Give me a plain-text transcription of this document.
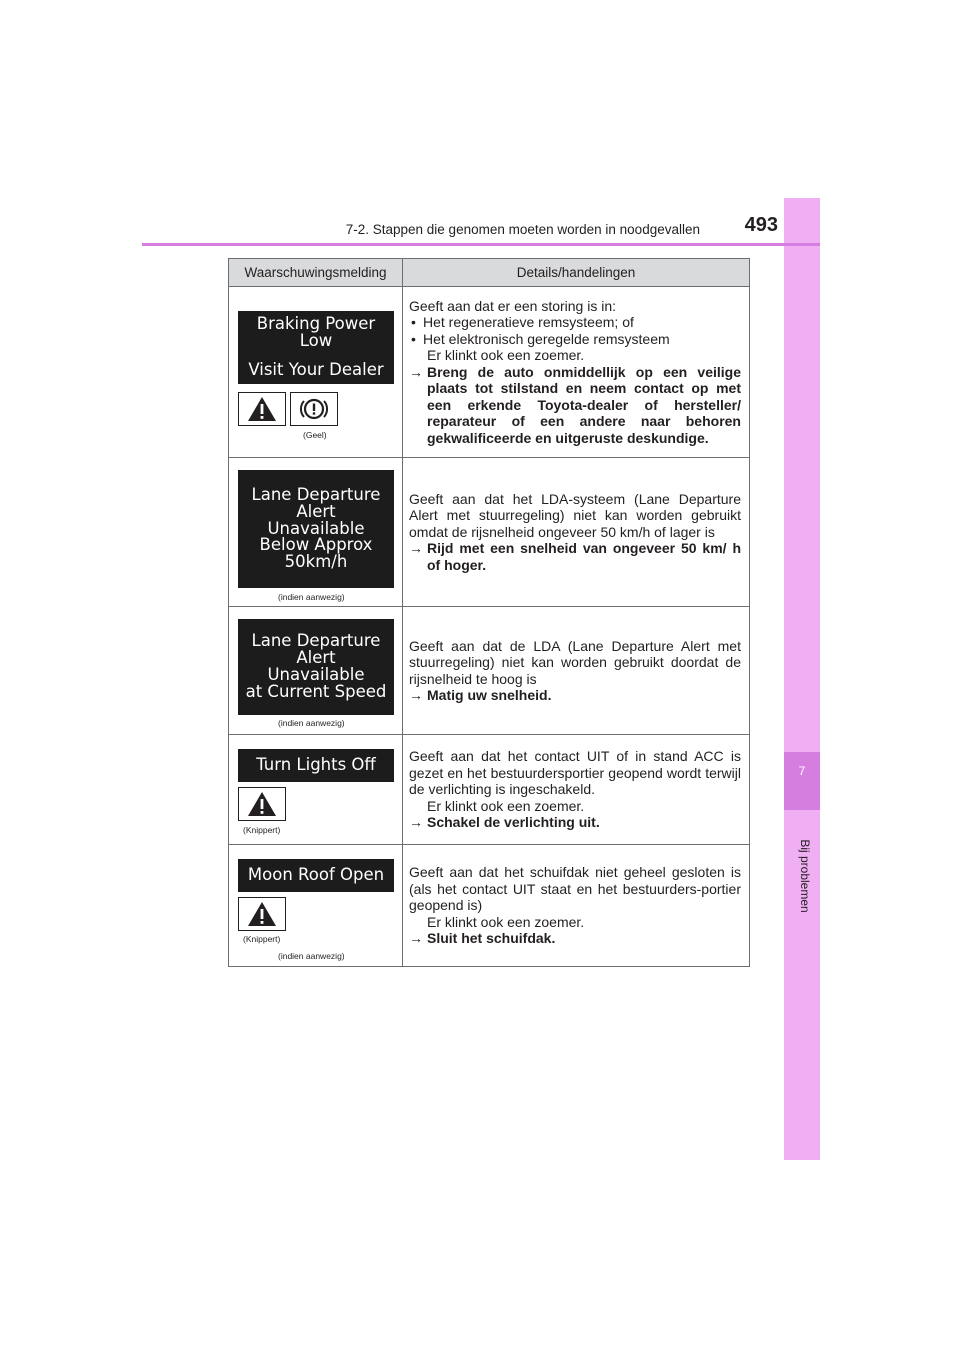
7
Bij problemen
7-2. Stappen die genomen moeten worden in noodgevallen	493
Waarschuwingsmelding	Details/handelingen
Braking Power Low
Visit Your Dealer
(Geel)

Geeft aan dat er een storing is in:

• Het regeneratieve remsysteem; of

• Het elektronisch geregelde remsysteem

Er klinkt ook een zoemer.

→ Breng de auto onmiddellijk op een veilige plaats tot stilstand en neem contact op met een erkende Toyota-dealer of hersteller/ reparateur of een andere naar behoren gekwalificeerde en uitgeruste deskundige.
Lane Departure
Alert
Unavailable
Below Approx
50km/h
(indien aanwezig)

Geeft aan dat het LDA-systeem (Lane Departure Alert met stuurregeling) niet kan worden gebruikt omdat de rijsnelheid ongeveer 50 km/h of lager is

→ Rijd met een snelheid van ongeveer 50 km/ h of hoger.
Lane Departure
Alert
Unavailable
at Current Speed
(indien aanwezig)

Geeft aan dat de LDA (Lane Departure Alert met stuurregeling) niet kan worden gebruikt doordat de rijsnelheid te hoog is

→ Matig uw snelheid.
Turn Lights Off
(Knippert)

Geeft aan dat het contact UIT of in stand ACC is gezet en het bestuurdersportier geopend wordt terwijl de verlichting is ingeschakeld.

Er klinkt ook een zoemer.

→ Schakel de verlichting uit.
Moon Roof Open
(Knippert)
(indien aanwezig)

Geeft aan dat het schuifdak niet geheel gesloten is (als het contact UIT staat en het bestuurders-portier geopend is)

Er klinkt ook een zoemer.

→ Sluit het schuifdak.
